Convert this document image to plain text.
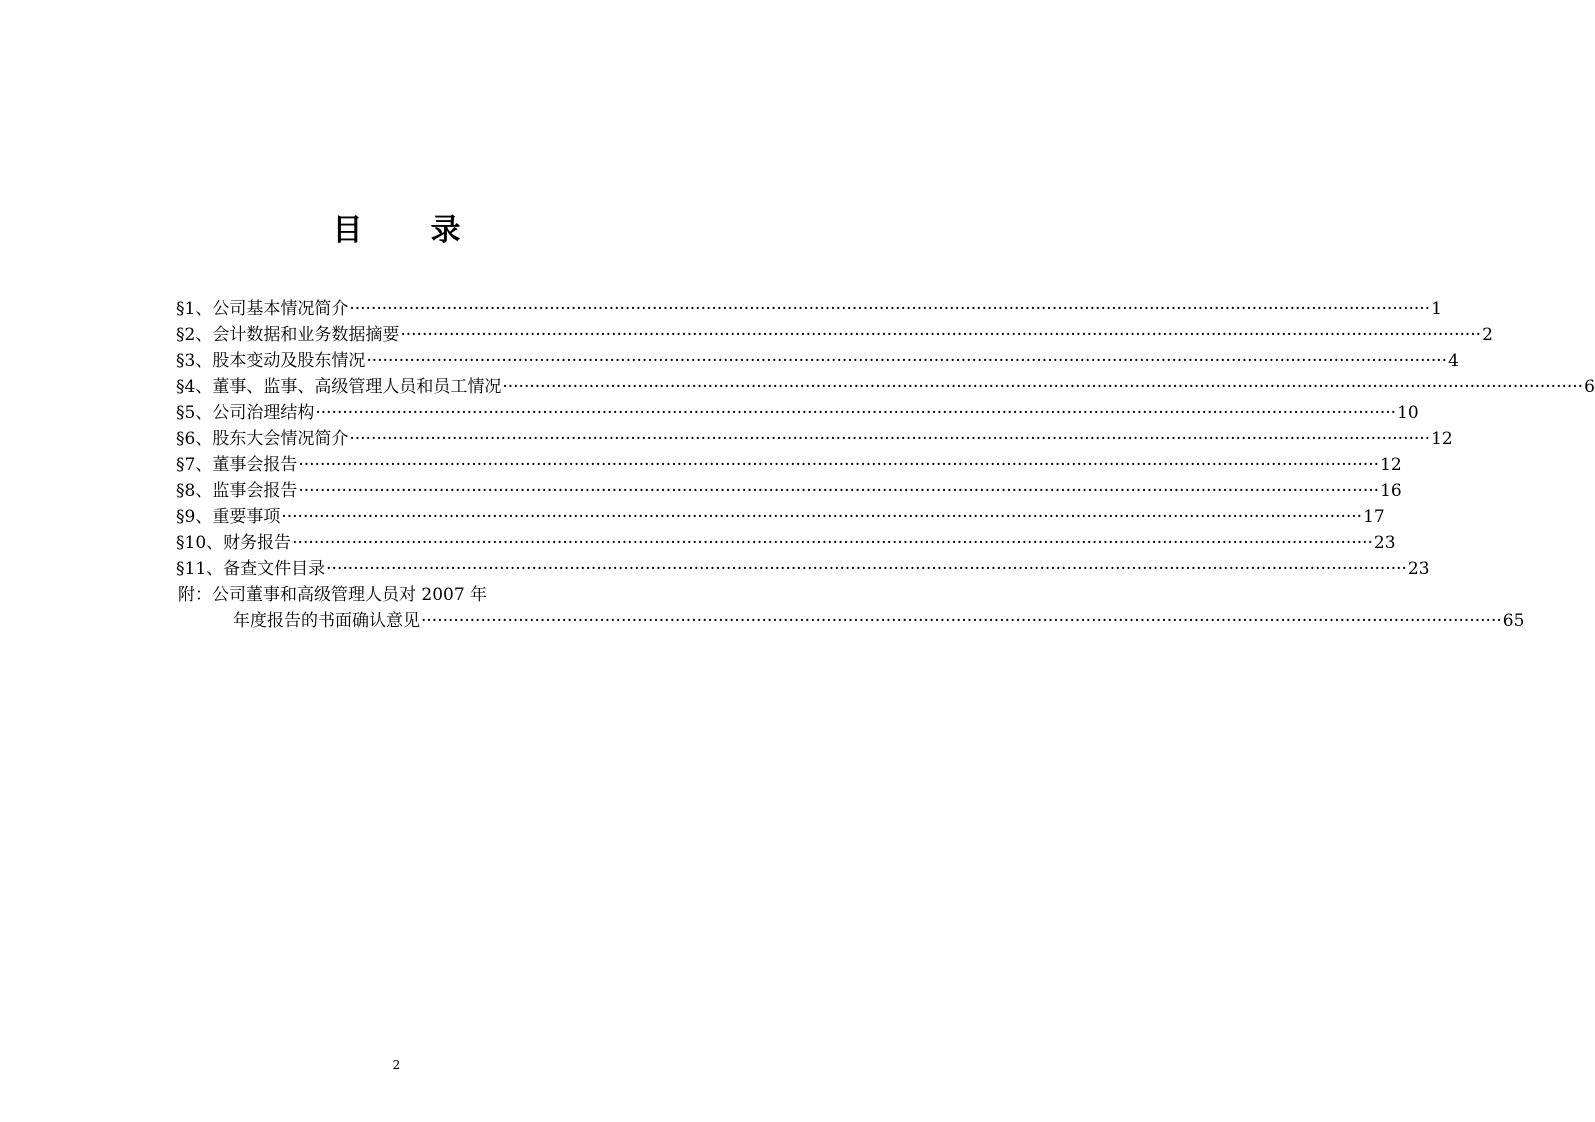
目 录
§1、公司基本情况简介 ········································································································································································································ 1
§2、会计数据和业务数据摘要 ········································································································································································································ 2
§3、股本变动及股东情况 ········································································································································································································ 4
§4、董事、监事、高级管理人员和员工情况 ········································································································································································································ 6
§5、公司治理结构 ········································································································································································································ 10
§6、股东大会情况简介 ········································································································································································································ 12
§7、董事会报告 ········································································································································································································ 12
§8、监事会报告 ········································································································································································································ 16
§9、重要事项 ········································································································································································································ 17
§10、财务报告 ········································································································································································································ 23
§11、备查文件目录 ········································································································································································································ 23
附：公司董事和高级管理人员对 2007 年
年度报告的书面确认意见 ········································································································································································································ 65
2
